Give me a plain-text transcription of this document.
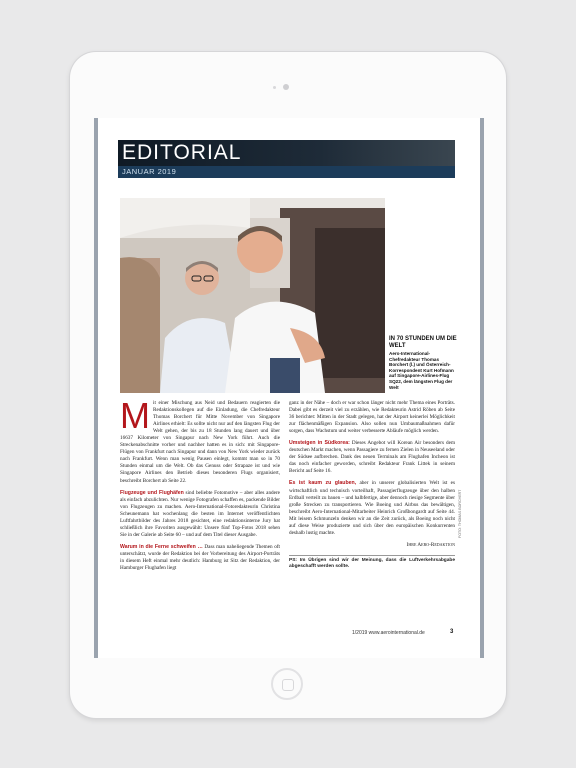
EDITORIAL
JANUAR 2019
IN 70 STUNDEN UM DIE WELT
Aero-International-Chefredakteur Thomas Borchert (l.) und Österreich-Korrespondent Kurt Hofmann auf Singapore-Airlines-Flug SQ22, dem längsten Flug der Welt
Mit einer Mischung aus Neid und Bedauern reagierten die Redaktionskollegen auf die Einladung, die Chefredakteur Thomas Borchert für Mitte November von Singapore Airlines erhielt: Es sollte nicht nur auf den längsten Flug der Welt gehen, der bis zu 18 Stunden lang dauert und über 16637 Kilometer von Singapur nach New York führt. Auch die Streckenabschnitte vorher und nachher hatten es in sich: mit Singapore-Flügen von Frankfurt nach Singapur und dann von New York wieder zurück nach Frankfurt. Wenn man wenig Pausen einlegt, kommt man so in 70 Stunden einmal um die Welt. Ob das Genuss oder Strapaze ist und wie Singapore Airlines den Betrieb dieses besonderen Flugs organisiert, beschreibt Borchert ab Seite 22.
Flugzeuge und Flughäfen sind beliebte Fotomotive – aber alles andere als einfach abzulichten. Nur wenige Fotografen schaffen es, packende Bilder von Flugzeugen zu machen. Aero-International-Fotoredakteurin Christina Scheunemann hat wochenlang die besten im Internet veröffentlichten Luftfahrtbilder des Jahres 2018 gesichtet, eine redaktionsinterne Jury hat schließlich ihre Favoriten ausgewählt: Unsere fünf Top-Fotos 2018 sehen Sie in der Galerie ab Seite 60 – und auf dem Titel dieser Ausgabe.
Warum in die Ferne schweifen … Dass man naheliegende Themen oft unterschätzt, wurde der Redaktion bei der Vorbereitung des Airport-Porträts in diesem Heft einmal mehr deutlich: Hamburg ist Sitz der Redaktion, der Hamburger Flughafen liegt
ganz in der Nähe – doch er war schon länger nicht mehr Thema eines Porträts. Dabei gibt es derzeit viel zu erzählen, wie Redakteurin Astrid Röben ab Seite 36 berichtet: Mitten in der Stadt gelegen, hat der Airport keinerlei Möglichkeit zur flächenmäßigen Expansion. Also sollen nun Umbaumaßnahmen dafür sorgen, dass Wachstum und weiter verbesserte Abläufe möglich werden.
Umsteigen in Südkorea: Dieses Angebot will Korean Air besonders dem deutschen Markt machen, wenn Passagiere zu fernen Zielen in Neuseeland oder der Südsee aufbrechen. Dank des neuen Terminals am Flughafen Incheon ist das noch einfacher geworden, schreibt Redakteur Frank Littek in seinem Bericht auf Seite 16.
Es ist kaum zu glauben, aber in unserer globalisierten Welt ist es wirtschaftlich und technisch vorteilhaft, Passagierflugzeuge über den halben Erdball verteilt zu bauen – und halbfertige, aber dennoch riesige Segmente über große Strecken zu transportieren. Wie Boeing und Airbus das bewältigen, beschreibt Aero-International-Mitarbeiter Heinrich Großbongardt auf Seite 44. Mit leisem Schmunzeln denken wir an die Zeit zurück, als Boeing noch nicht auf diese Weise produzierte und sich über den europäischen Konkurrenten deshalb lustig machte.
Ihre Aero-Redaktion
PS: Im Übrigen sind wir der Meinung, dass die Luftverkehrsabgabe abgeschafft werden sollte.
FOTO: THOMAS BORCHERT
1/2019 www.aerointernational.de	3
